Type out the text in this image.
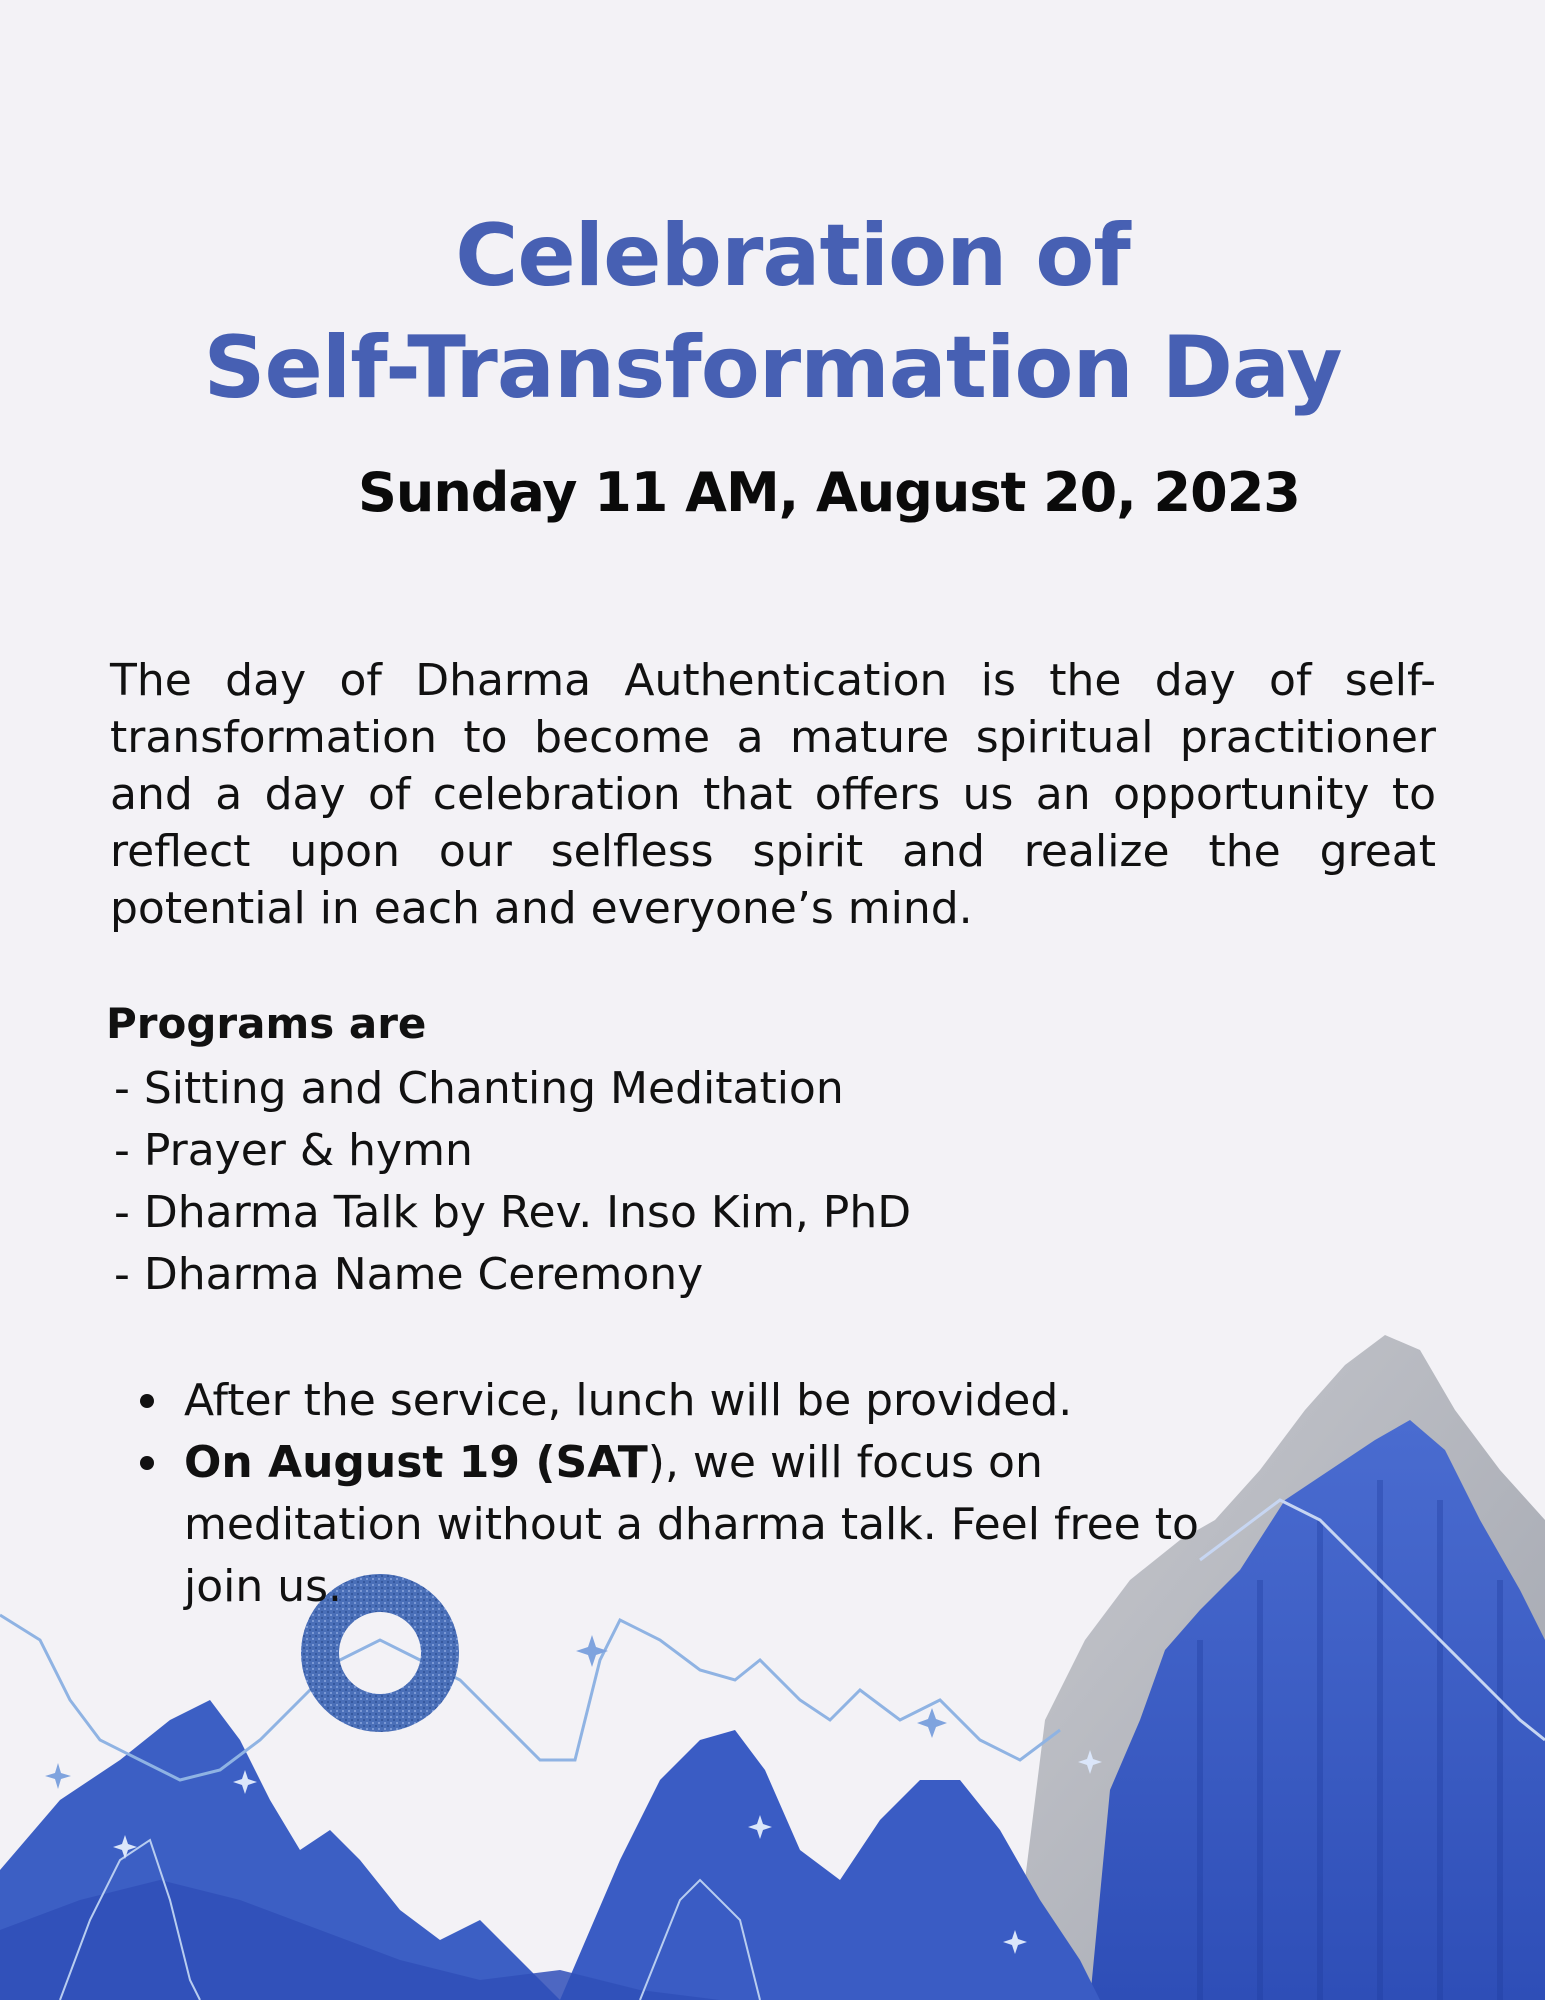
Celebration of
Self-Transformation Day

Sunday 11 AM, August 20, 2023

The day of Dharma Authentication is the day of self-transformation to become a mature spiritual practitioner and a day of celebration that offers us an opportunity to reflect upon our selfless spirit and realize the great potential in each and everyone’s mind.

Programs are

- Sitting and Chanting Meditation
- Prayer & hymn
- Dharma Talk by Rev. Inso Kim, PhD
- Dharma Name Ceremony
After the service, lunch will be provided.
On August 19 (SAT), we will focus on meditation without a dharma talk. Feel free to join us.
